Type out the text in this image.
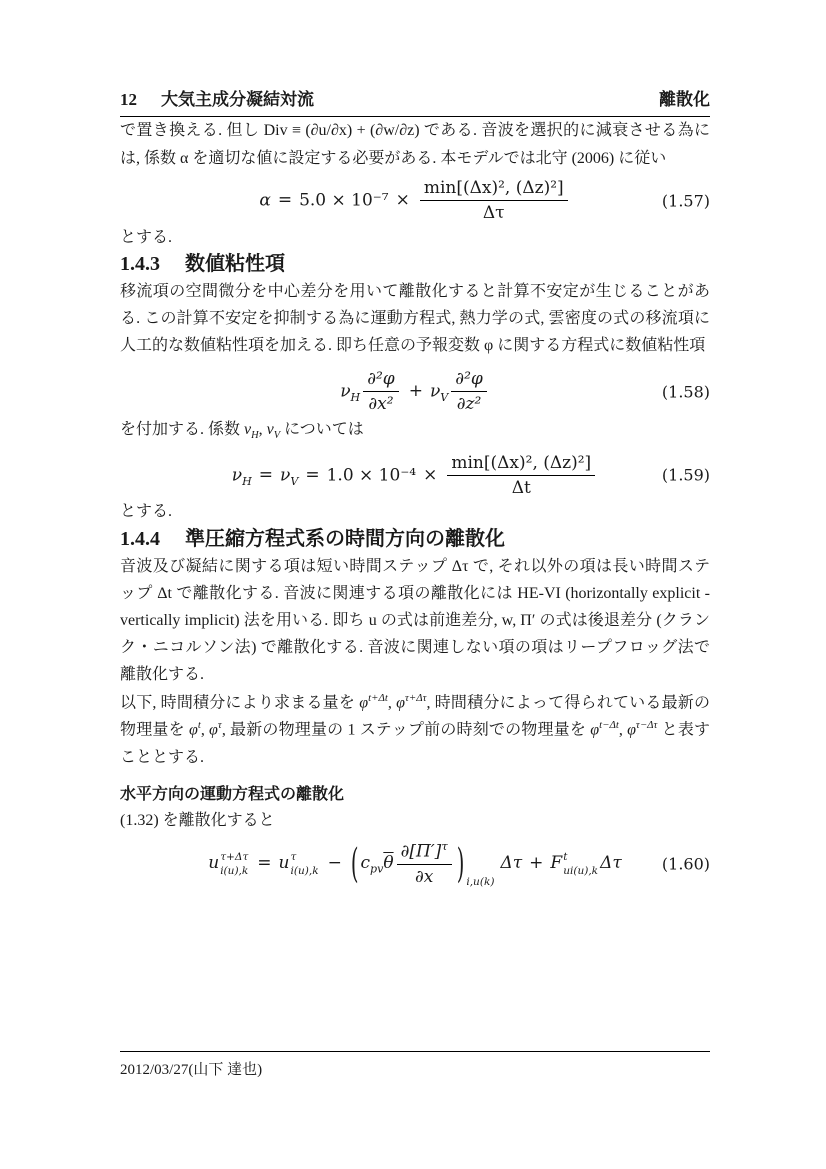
12 大気主成分凝結対流	離散化

で置き換える. 但し Div ≡ (∂u/∂x) + (∂w/∂z) である. 音波を選択的に減衰させる為には, 係数 α を適切な値に設定する必要がある. 本モデルでは北守 (2006) に従い

$\alpha = 5.0 \times 10^{-7} \times \frac{\text{min[(Δx)², (Δz)²]}}{\Delta\tau}$	(1.57)

とする.

1.4.3 数値粘性項

移流項の空間微分を中心差分を用いて離散化すると計算不安定が生じることがある. この計算不安定を抑制する為に運動方程式, 熱力学の式, 雲密度の式の移流項に人工的な数値粘性項を加える. 即ち任意の予報変数 φ に関する方程式に数値粘性項

$\nu_H \frac{\text{∂²φ}}{\text{∂x²}} + \nu_V \frac{\text{∂²φ}}{\text{∂z²}}$	(1.58)

を付加する. 係数 $\nu_H$, $\nu_V$ については

$\nu_H = \nu_V = 1.0 \times 10^{-4} \times \frac{\text{min[(Δx)², (Δz)²]}}{\Delta t}$	(1.59)

とする.

1.4.4 準圧縮方程式系の時間方向の離散化

音波及び凝結に関する項は短い時間ステップ Δτ で, それ以外の項は長い時間ステップ Δt で離散化する. 音波に関連する項の離散化には HE-VI (horizontally explicit - vertically implicit) 法を用いる. 即ち u の式は前進差分, w, Π′ の式は後退差分 (クランク・ニコルソン法) で離散化する. 音波に関連しない項の項はリープフロッグ法で離散化する.

以下, 時間積分により求まる量を $\varphi^{t+\Delta t}$, $\varphi^{\tau+\Delta\tau}$, 時間積分によって得られている最新の物理量を $\varphi^t$, $\varphi^\tau$, 最新の物理量の 1 ステップ前の時刻での物理量を $\varphi^{t-\Delta t}$, $\varphi^{\tau-\Delta\tau}$ と表すこととする.

水平方向の運動方程式の離散化

(1.32) を離散化すると

u τ+Δτ
i(u),k = u τ
i(u),k − ( $c_{pv}\overline{\theta} \frac{\partial[\Pi']^\tau}{\partial x}$ ) $_{i,u(k)}$Δτ + F t
ui(u),k Δτ	(1.60)
2012/03/27(山下 達也)
